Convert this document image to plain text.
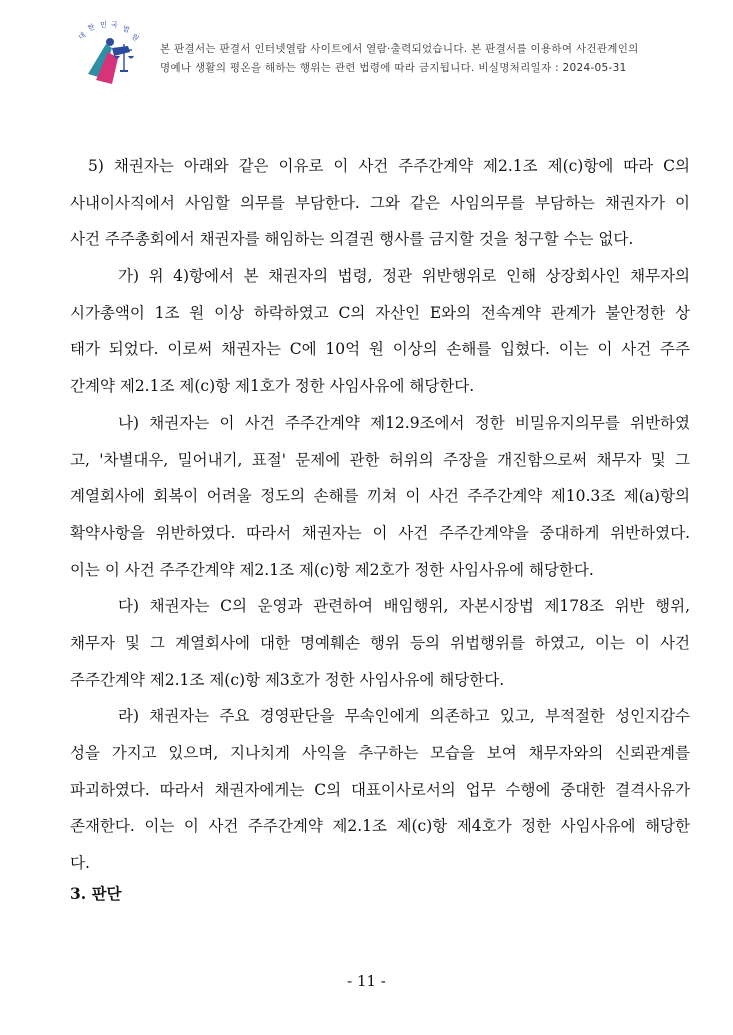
대
한 민 국 법
원
본 판결서는 판결서 인터넷열람 사이트에서 열람·출력되었습니다. 본 판결서를 이용하여 사건관계인의
명예나 생활의 평온을 해하는 행위는 관련 법령에 따라 금지됩니다. 비실명처리일자 : 2024-05-31
5) 채권자는 아래와 같은 이유로 이 사건 주주간계약 제2.1조 제(c)항에 따라 C의
사내이사직에서 사임할 의무를 부담한다. 그와 같은 사임의무를 부담하는 채권자가 이
사건 주주총회에서 채권자를 해임하는 의결권 행사를 금지할 것을 청구할 수는 없다.
가) 위 4)항에서 본 채권자의 법령, 정관 위반행위로 인해 상장회사인 채무자의
시가총액이 1조 원 이상 하락하였고 C의 자산인 E와의 전속계약 관계가 불안정한 상
태가 되었다. 이로써 채권자는 C에 10억 원 이상의 손해를 입혔다. 이는 이 사건 주주
간계약 제2.1조 제(c)항 제1호가 정한 사임사유에 해당한다.
나) 채권자는 이 사건 주주간계약 제12.9조에서 정한 비밀유지의무를 위반하였
고, '차별대우, 밀어내기, 표절' 문제에 관한 허위의 주장을 개진함으로써 채무자 및 그
계열회사에 회복이 어려울 정도의 손해를 끼쳐 이 사건 주주간계약 제10.3조 제(a)항의
확약사항을 위반하였다. 따라서 채권자는 이 사건 주주간계약을 중대하게 위반하였다.
이는 이 사건 주주간계약 제2.1조 제(c)항 제2호가 정한 사임사유에 해당한다.
다) 채권자는 C의 운영과 관련하여 배임행위, 자본시장법 제178조 위반 행위,
채무자 및 그 계열회사에 대한 명예훼손 행위 등의 위법행위를 하였고, 이는 이 사건
주주간계약 제2.1조 제(c)항 제3호가 정한 사임사유에 해당한다.
라) 채권자는 주요 경영판단을 무속인에게 의존하고 있고, 부적절한 성인지감수
성을 가지고 있으며, 지나치게 사익을 추구하는 모습을 보여 채무자와의 신뢰관계를
파괴하였다. 따라서 채권자에게는 C의 대표이사로서의 업무 수행에 중대한 결격사유가
존재한다. 이는 이 사건 주주간계약 제2.1조 제(c)항 제4호가 정한 사임사유에 해당한
다.
3. 판단
- 11 -
